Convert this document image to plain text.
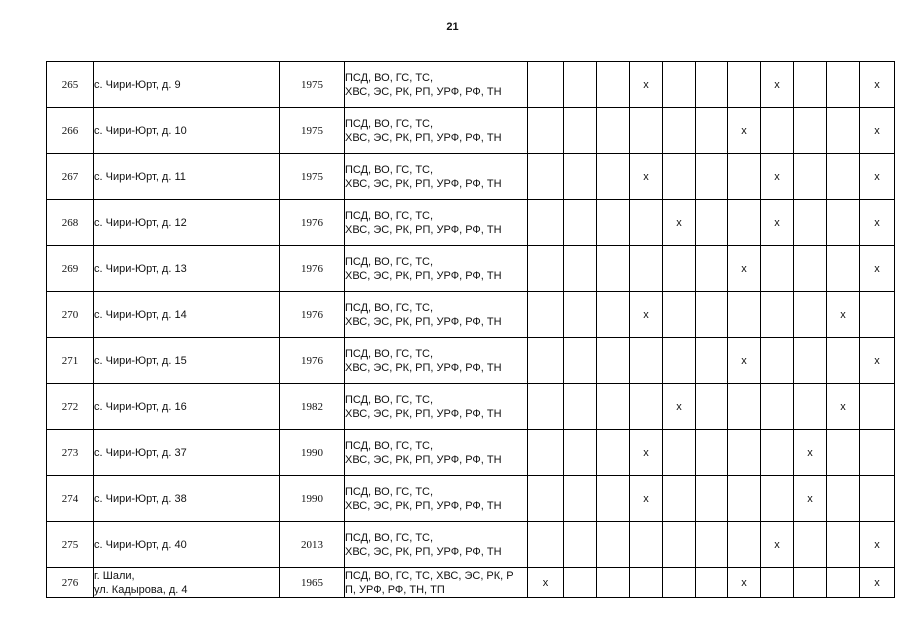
21
265	с. Чири-Юрт, д. 9	1975	ПСД, ВО, ГС, ТС,
ХВС, ЭС, РК, РП, УРФ, РФ, ТН				x				x			x
266	с. Чири-Юрт, д. 10	1975	ПСД, ВО, ГС, ТС,
ХВС, ЭС, РК, РП, УРФ, РФ, ТН							x				x
267	с. Чири-Юрт, д. 11	1975	ПСД, ВО, ГС, ТС,
ХВС, ЭС, РК, РП, УРФ, РФ, ТН				x				x			x
268	с. Чири-Юрт, д. 12	1976	ПСД, ВО, ГС, ТС,
ХВС, ЭС, РК, РП, УРФ, РФ, ТН					x			x			x
269	с. Чири-Юрт, д. 13	1976	ПСД, ВО, ГС, ТС,
ХВС, ЭС, РК, РП, УРФ, РФ, ТН							x				x
270	с. Чири-Юрт, д. 14	1976	ПСД, ВО, ГС, ТС,
ХВС, ЭС, РК, РП, УРФ, РФ, ТН				x						x	
271	с. Чири-Юрт, д. 15	1976	ПСД, ВО, ГС, ТС,
ХВС, ЭС, РК, РП, УРФ, РФ, ТН							x				x
272	с. Чири-Юрт, д. 16	1982	ПСД, ВО, ГС, ТС,
ХВС, ЭС, РК, РП, УРФ, РФ, ТН					x					x	
273	с. Чири-Юрт, д. 37	1990	ПСД, ВО, ГС, ТС,
ХВС, ЭС, РК, РП, УРФ, РФ, ТН				x					x		
274	с. Чири-Юрт, д. 38	1990	ПСД, ВО, ГС, ТС,
ХВС, ЭС, РК, РП, УРФ, РФ, ТН				x					x		
275	с. Чири-Юрт, д. 40	2013	ПСД, ВО, ГС, ТС,
ХВС, ЭС, РК, РП, УРФ, РФ, ТН								x			x
276	г. Шали,
ул. Кадырова, д. 4	1965	ПСД, ВО, ГС, ТС, ХВС, ЭС, РК, Р
П, УРФ, РФ, ТН, ТП	x						x				x
